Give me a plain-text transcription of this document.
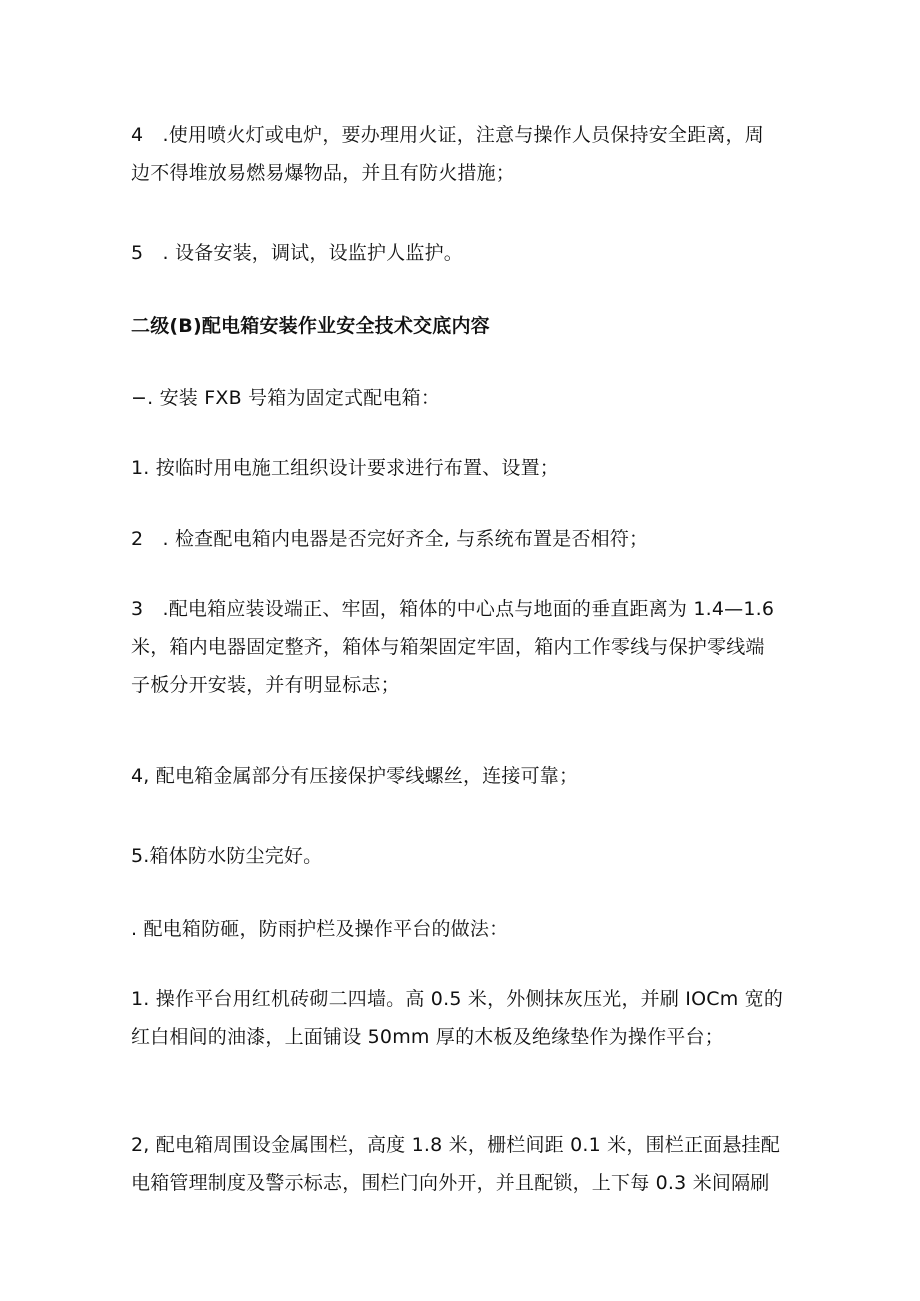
4　.使用喷火灯或电炉，要办理用火证，注意与操作人员保持安全距离，周
边不得堆放易燃易爆物品，并且有防火措施；
5　. 设备安装，调试，设监护人监护。
二级(B)配电箱安装作业安全技术交底内容
−. 安装 FXB 号箱为固定式配电箱：
1. 按临时用电施工组织设计要求进行布置、设置；
2　. 检查配电箱内电器是否完好齐全, 与系统布置是否相符；
3　.配电箱应装设端正、牢固，箱体的中心点与地面的垂直距离为 1.4—1.6
米，箱内电器固定整齐，箱体与箱架固定牢固，箱内工作零线与保护零线端
子板分开安装，并有明显标志；
4, 配电箱金属部分有压接保护零线螺丝，连接可靠；
5.箱体防水防尘完好。
. 配电箱防砸，防雨护栏及操作平台的做法：
1. 操作平台用红机砖砌二四墙。高 0.5 米，外侧抹灰压光，并刷 IOCm 宽的
红白相间的油漆，上面铺设 50mm 厚的木板及绝缘垫作为操作平台；
2, 配电箱周围设金属围栏，高度 1.8 米，栅栏间距 0.1 米，围栏正面悬挂配
电箱管理制度及警示标志，围栏门向外开，并且配锁，上下每 0.3 米间隔刷
